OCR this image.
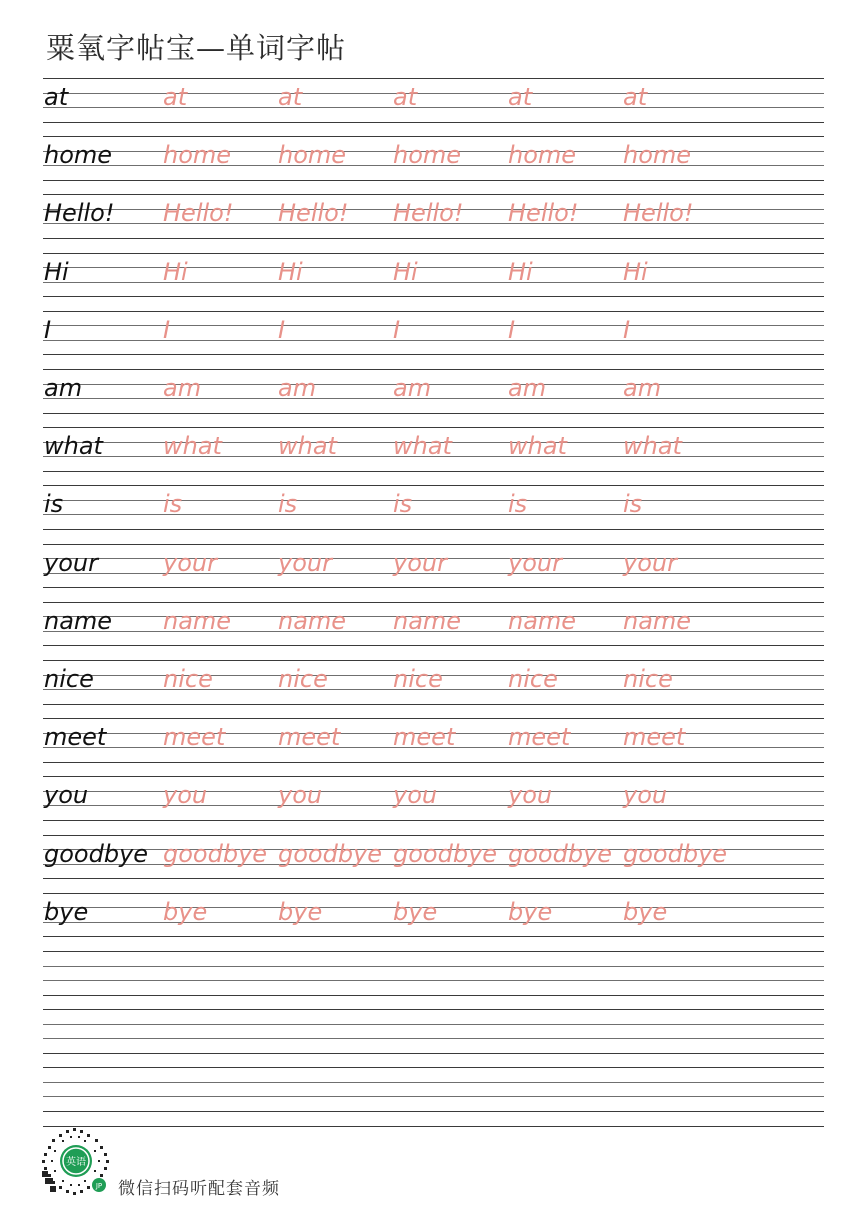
粟氧字帖宝—单词字帖
at	at	at	at	at	at
home home home home home home
Hello! Hello! Hello! Hello! Hello! Hello!
Hi	Hi	Hi	Hi	Hi	Hi
I	I	I	I	I	I
am	am	am	am	am	am
what	what what what what what
is	is	is	is	is	is
your	your	your	your	your	your
name name name name name name
nice	nice	nice	nice	nice	nice
meet meet meet meet meet meet
you	you	you	you	you	you
goodbye goodbye goodbye goodbye goodbye goodbye
bye	bye	bye	bye	bye	bye
英语
JP 微信扫码听配套音频
